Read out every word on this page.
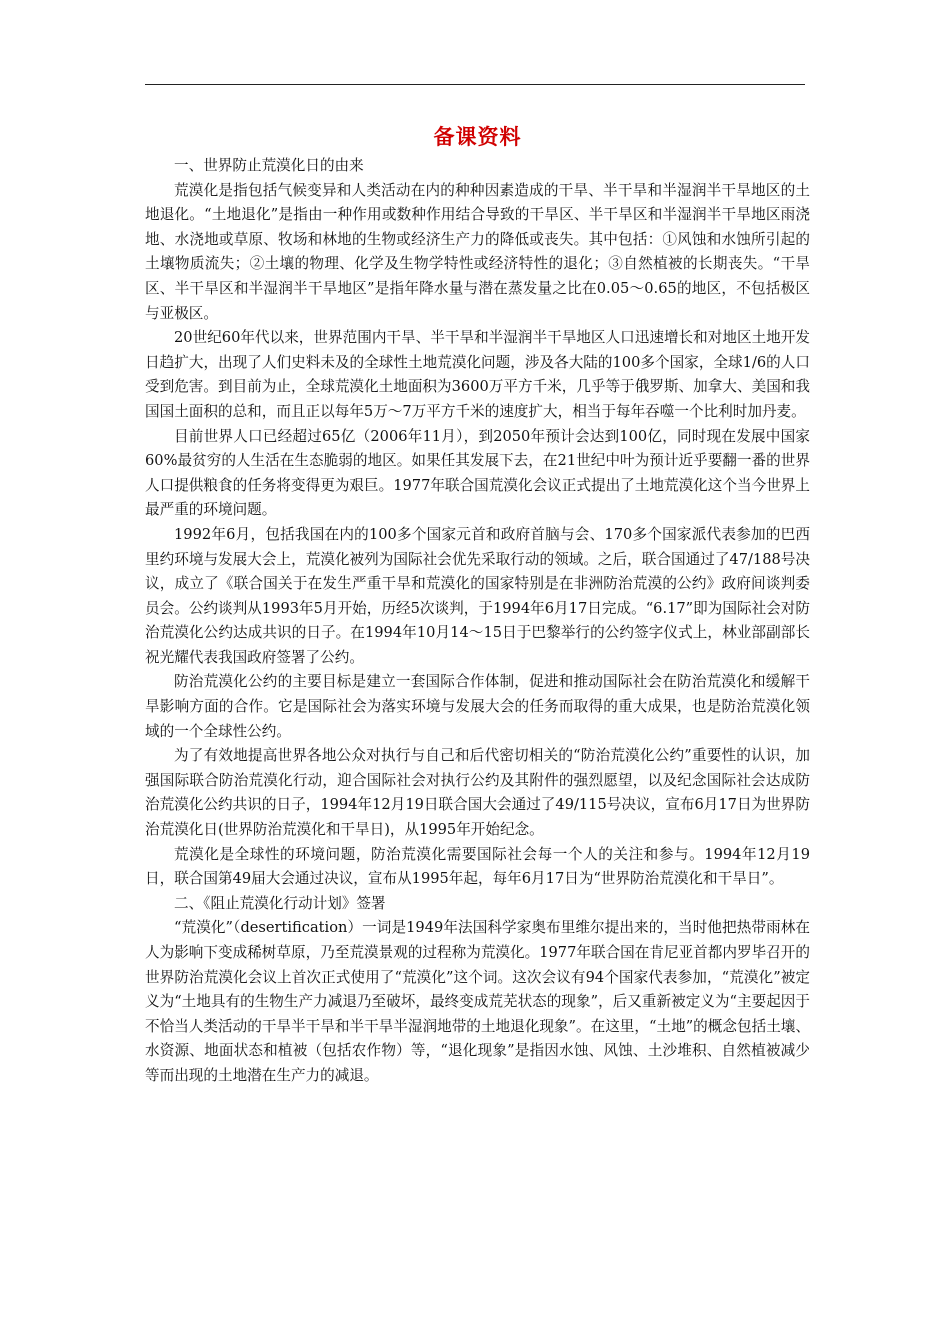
备课资料

一、世界防止荒漠化日的由来

荒漠化是指包括气候变异和人类活动在内的种种因素造成的干旱、半干旱和半湿润半干旱地区的土地退化。“土地退化”是指由一种作用或数种作用结合导致的干旱区、半干旱区和半湿润半干旱地区雨浇地、水浇地或草原、牧场和林地的生物或经济生产力的降低或丧失。其中包括：①风蚀和水蚀所引起的土壤物质流失；②土壤的物理、化学及生物学特性或经济特性的退化；③自然植被的长期丧失。“干旱区、半干旱区和半湿润半干旱地区”是指年降水量与潜在蒸发量之比在0.05～0.65的地区，不包括极区与亚极区。

20世纪60年代以来，世界范围内干旱、半干旱和半湿润半干旱地区人口迅速增长和对地区土地开发日趋扩大，出现了人们史料未及的全球性土地荒漠化问题，涉及各大陆的100多个国家，全球1/6的人口受到危害。到目前为止，全球荒漠化土地面积为3600万平方千米，几乎等于俄罗斯、加拿大、美国和我国国土面积的总和，而且正以每年5万～7万平方千米的速度扩大，相当于每年吞噬一个比利时加丹麦。

目前世界人口已经超过65亿（2006年11月），到2050年预计会达到100亿，同时现在发展中国家60%最贫穷的人生活在生态脆弱的地区。如果任其发展下去，在21世纪中叶为预计近乎要翻一番的世界人口提供粮食的任务将变得更为艰巨。1977年联合国荒漠化会议正式提出了土地荒漠化这个当今世界上最严重的环境问题。

1992年6月，包括我国在内的100多个国家元首和政府首脑与会、170多个国家派代表参加的巴西里约环境与发展大会上，荒漠化被列为国际社会优先采取行动的领域。之后，联合国通过了47/188号决议，成立了《联合国关于在发生严重干旱和荒漠化的国家特别是在非洲防治荒漠的公约》政府间谈判委员会。公约谈判从1993年5月开始，历经5次谈判，于1994年6月17日完成。“6.17”即为国际社会对防治荒漠化公约达成共识的日子。在1994年10月14～15日于巴黎举行的公约签字仪式上，林业部副部长祝光耀代表我国政府签署了公约。

防治荒漠化公约的主要目标是建立一套国际合作体制，促进和推动国际社会在防治荒漠化和缓解干旱影响方面的合作。它是国际社会为落实环境与发展大会的任务而取得的重大成果，也是防治荒漠化领域的一个全球性公约。

为了有效地提高世界各地公众对执行与自己和后代密切相关的“防治荒漠化公约”重要性的认识，加强国际联合防治荒漠化行动，迎合国际社会对执行公约及其附件的强烈愿望，以及纪念国际社会达成防治荒漠化公约共识的日子，1994年12月19日联合国大会通过了49/115号决议，宣布6月17日为世界防治荒漠化日(世界防治荒漠化和干旱日)，从1995年开始纪念。

荒漠化是全球性的环境问题，防治荒漠化需要国际社会每一个人的关注和参与。1994年12月19日，联合国第49届大会通过决议，宣布从1995年起，每年6月17日为“世界防治荒漠化和干旱日”。

二、《阻止荒漠化行动计划》签署

“荒漠化”（desertification）一词是1949年法国科学家奥布里维尔提出来的，当时他把热带雨林在人为影响下变成稀树草原，乃至荒漠景观的过程称为荒漠化。1977年联合国在肯尼亚首都内罗毕召开的世界防治荒漠化会议上首次正式使用了“荒漠化”这个词。这次会议有94个国家代表参加，“荒漠化”被定义为“土地具有的生物生产力减退乃至破坏，最终变成荒芜状态的现象”，后又重新被定义为“主要起因于不恰当人类活动的干旱半干旱和半干旱半湿润地带的土地退化现象”。在这里，“土地”的概念包括土壤、水资源、地面状态和植被（包括农作物）等，“退化现象”是指因水蚀、风蚀、土沙堆积、自然植被减少等而出现的土地潜在生产力的减退。
